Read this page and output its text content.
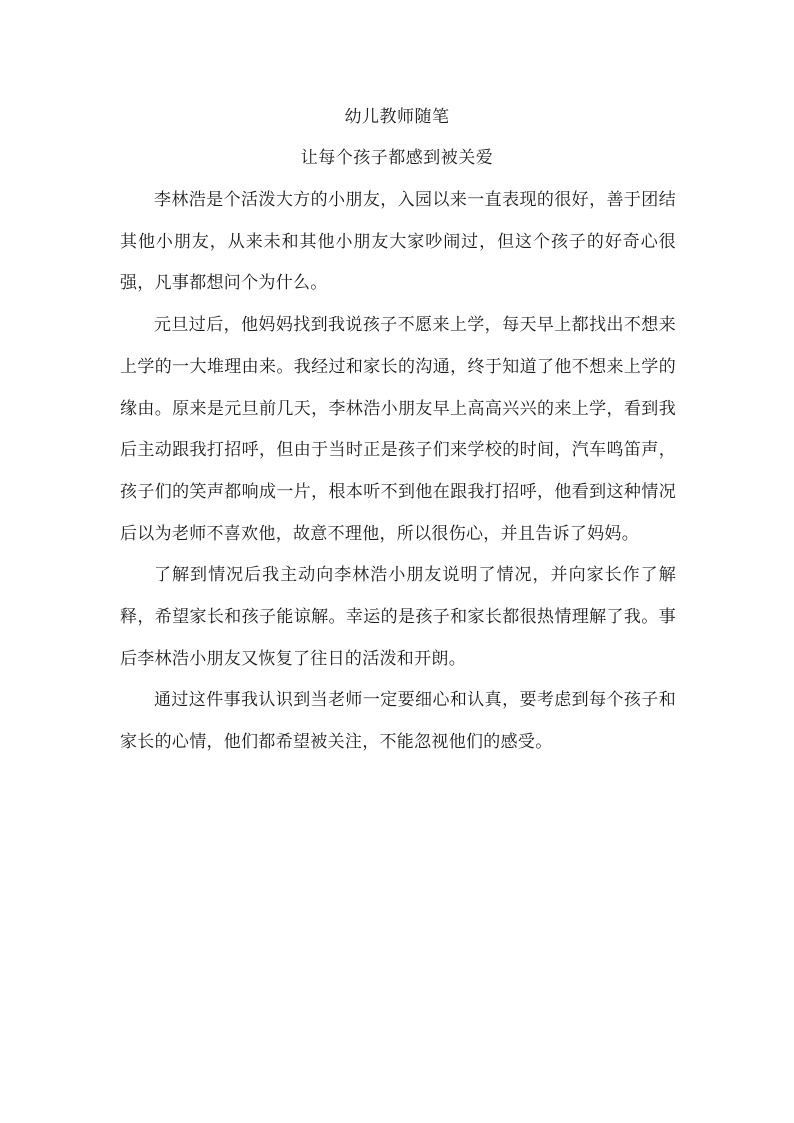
幼儿教师随笔
让每个孩子都感到被关爱

李林浩是个活泼大方的小朋友，入园以来一直表现的很好，善于团结其他小朋友，从来未和其他小朋友大家吵闹过，但这个孩子的好奇心很强，凡事都想问个为什么。

元旦过后，他妈妈找到我说孩子不愿来上学，每天早上都找出不想来上学的一大堆理由来。我经过和家长的沟通，终于知道了他不想来上学的缘由。原来是元旦前几天，李林浩小朋友早上高高兴兴的来上学，看到我后主动跟我打招呼，但由于当时正是孩子们来学校的时间，汽车鸣笛声，孩子们的笑声都响成一片，根本听不到他在跟我打招呼，他看到这种情况后以为老师不喜欢他，故意不理他，所以很伤心，并且告诉了妈妈。

了解到情况后我主动向李林浩小朋友说明了情况，并向家长作了解释，希望家长和孩子能谅解。幸运的是孩子和家长都很热情理解了我。事后李林浩小朋友又恢复了往日的活泼和开朗。

通过这件事我认识到当老师一定要细心和认真，要考虑到每个孩子和家长的心情，他们都希望被关注，不能忽视他们的感受。
